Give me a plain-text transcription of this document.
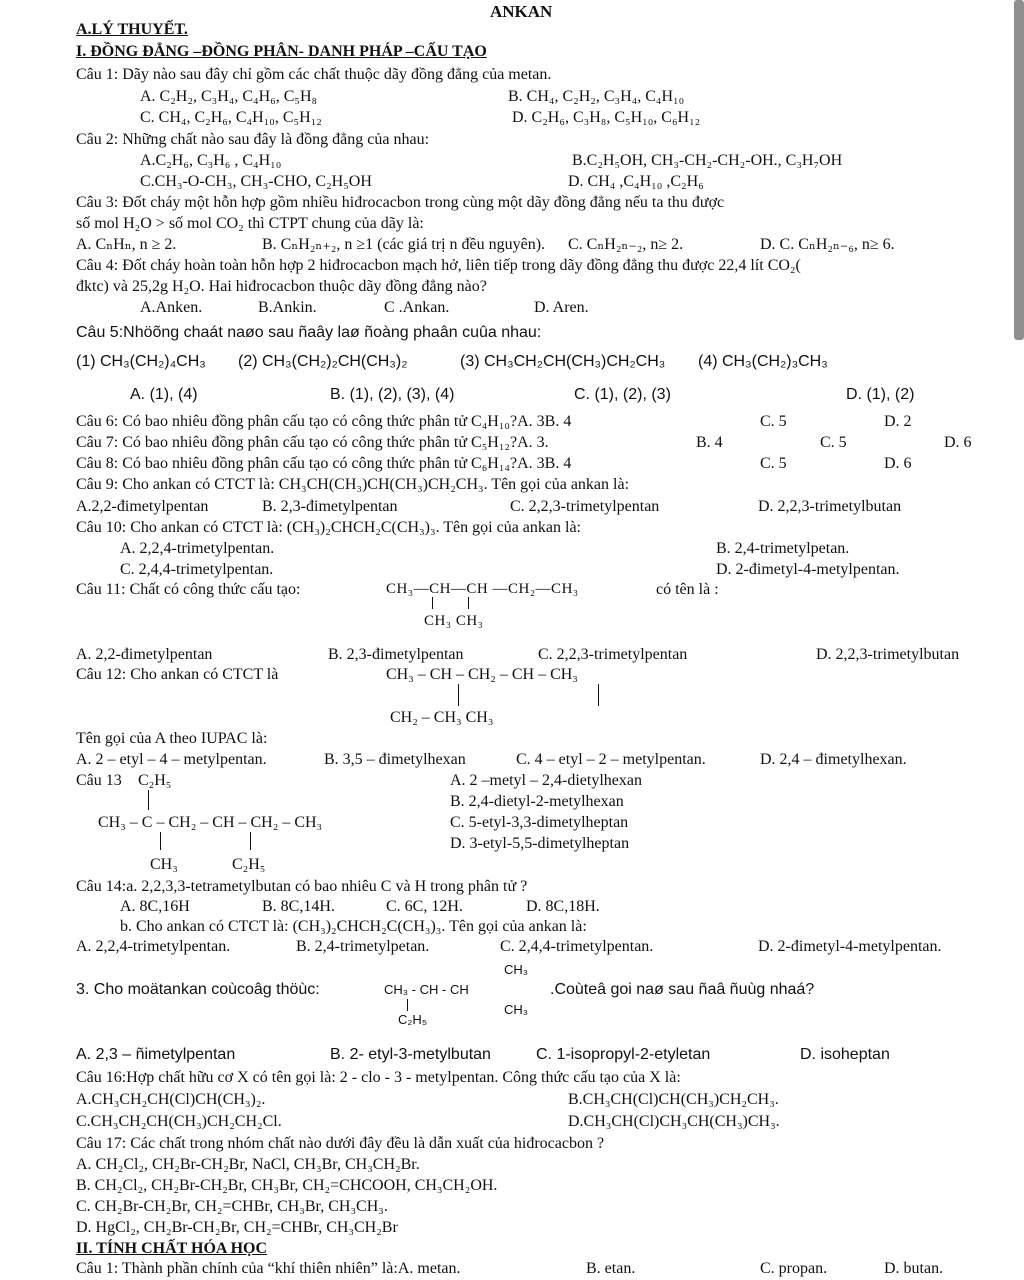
ANKAN
A.LÝ THUYẾT.
I. ĐỒNG ĐẲNG –ĐỒNG PHÂN- DANH PHÁP –CẤU TẠO
Câu 1: Dãy nào sau đây chỉ gồm các chất thuộc dãy đồng đẳng của metan.
A. C₂H₂, C₃H₄, C₄H₆, C₅H₈	B. CH₄, C₂H₂, C₃H₄, C₄H₁₀
C. CH₄, C₂H₆, C₄H₁₀, C₅H₁₂	D. C₂H₆, C₃H₈, C₅H₁₀, C₆H₁₂
Câu 2: Những chất nào sau đây là đồng đẳng của nhau:
A.C₂H₆, C₃H₆ , C₄H₁₀	B.C₂H₅OH, CH₃-CH₂-CH₂-OH., C₃H₇OH
C.CH₃-O-CH₃, CH₃-CHO, C₂H₅OH	D. CH₄ ,C₄H₁₀ ,C₂H₆
Câu 3: Đốt cháy một hỗn hợp gồm nhiều hiđrocacbon trong cùng một dãy đồng đẳng nếu ta thu được
số mol H₂O > số mol CO₂ thì CTPT chung của dãy là:
A. CₙHₙ, n ≥ 2.	B. CₙH₂ₙ₊₂, n ≥1 (các giá trị n đều nguyên). C. CₙH₂ₙ₋₂, n≥ 2.	D. C. CₙH₂ₙ₋₆, n≥ 6.
Câu 4: Đốt cháy hoàn toàn hỗn hợp 2 hiđrocacbon mạch hở, liên tiếp trong dãy đồng đẳng thu được 22,4 lít CO₂(
đktc) và 25,2g H₂O. Hai hiđrocacbon thuộc dãy đồng đẳng nào?
A.Anken.	B.Ankin.	C .Ankan.	D. Aren.
Câu 5:Nhöõng chaát naøo sau ñaây laø ñoàng phaân cuûa nhau:
(1) CH₃(CH₂)₄CH₃ (2) CH₃(CH₂)₂CH(CH₃)₂	(3) CH₃CH₂CH(CH₃)CH₂CH₃ (4) CH₃(CH₂)₃CH₃
A. (1), (4)	B. (1), (2), (3), (4)	C. (1), (2), (3)	D. (1), (2)
Câu 6: Có bao nhiêu đồng phân cấu tạo có công thức phân tử C₄H₁₀?A. 3B. 4	C. 5	D. 2
Câu 7: Có bao nhiêu đồng phân cấu tạo có công thức phân tử C₅H₁₂?A. 3.	B. 4	C. 5	D. 6
Câu 8: Có bao nhiêu đồng phân cấu tạo có công thức phân tử C₆H₁₄?A. 3B. 4	C. 5	D. 6
Câu 9: Cho ankan có CTCT là: CH₃CH(CH₃)CH(CH₃)CH₂CH₃. Tên gọi của ankan là:
A.2,2-đimetylpentan	B. 2,3-đimetylpentan	C. 2,2,3-trimetylpentan	D. 2,2,3-trimetylbutan
Câu 10: Cho ankan có CTCT là: (CH₃)₂CHCH₂C(CH₃)₃. Tên gọi của ankan là:
A. 2,2,4-trimetylpentan.	B. 2,4-trimetylpetan.
C. 2,4,4-trimetylpentan.	D. 2-đimetyl-4-metylpentan.
Câu 11: Chất có công thức cấu tạo:	CH₃—CH—CH —CH₂—CH₃
CH₃ CH₃
có tên là :
A. 2,2-đimetylpentan	B. 2,3-đimetylpentan	C. 2,2,3-trimetylpentan	D. 2,2,3-trimetylbutan
Câu 12: Cho ankan có CTCT là	CH₃ – CH – CH₂ – CH – CH₃
CH₂ – CH₃ CH₃
Tên gọi của A theo IUPAC là:
A. 2 – etyl – 4 – metylpentan.	B. 3,5 – đimetylhexan	C. 4 – etyl – 2 – metylpentan.	D. 2,4 – đimetylhexan.
Câu 13 C₂H₅
CH₃ – C – CH₂ – CH – CH₂ – CH₃
CH₃	C₂H₅
A. 2 –metyl – 2,4-dietylhexan
B. 2,4-dietyl-2-metylhexan
C. 5-etyl-3,3-dimetylheptan
D. 3-etyl-5,5-dimetylheptan
Câu 14:a. 2,2,3,3-tetrametylbutan có bao nhiêu C và H trong phân tử ?
A. 8C,16H	B. 8C,14H.	C. 6C, 12H.	D. 8C,18H.
b. Cho ankan có CTCT là: (CH₃)₂CHCH₂C(CH₃)₃. Tên gọi của ankan là:
A. 2,2,4-trimetylpentan.	B. 2,4-trimetylpetan.	C. 2,4,4-trimetylpentan.	D. 2-đimetyl-4-metylpentan.
3. Cho moätankan coùcoâg thöùc:	CH₃ - CH - CH
CH₃
CH₃
C₂H₅
.Coùteâ goi naø sau ñaâ ñuùg nhaá?
A. 2,3 – ñimetylpentan	B. 2- etyl-3-metylbutan	C. 1-isopropyl-2-etyletan	D. isoheptan
Câu 16:Hợp chất hữu cơ X có tên gọi là: 2 - clo - 3 - metylpentan. Công thức cấu tạo của X là:
A.CH₃CH₂CH(Cl)CH(CH₃)₂.	B.CH₃CH(Cl)CH(CH₃)CH₂CH₃.
C.CH₃CH₂CH(CH₃)CH₂CH₂Cl.	D.CH₃CH(Cl)CH₃CH(CH₃)CH₃.
Câu 17: Các chất trong nhóm chất nào dưới đây đều là dẫn xuất của hiđrocacbon ?
A. CH₂Cl₂, CH₂Br-CH₂Br, NaCl, CH₃Br, CH₃CH₂Br.
B. CH₂Cl₂, CH₂Br-CH₂Br, CH₃Br, CH₂=CHCOOH, CH₃CH₂OH.
C. CH₂Br-CH₂Br, CH₂=CHBr, CH₃Br, CH₃CH₃.
D. HgCl₂, CH₂Br-CH₂Br, CH₂=CHBr, CH₃CH₂Br
II. TÍNH CHẤT HÓA HỌC
Câu 1: Thành phần chính của “khí thiên nhiên” là:A. metan.	B. etan.	C. propan.	D. butan.
